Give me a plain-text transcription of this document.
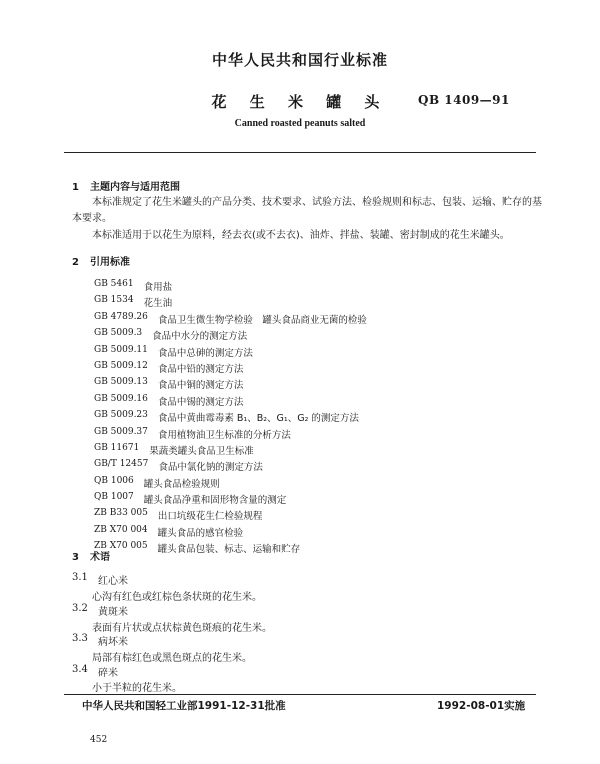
中华人民共和国行业标准
花 生 米 罐 头	QB 1409—91
Canned roasted peanuts salted
1 主题内容与适用范围
本标准规定了花生米罐头的产品分类、技术要求、试验方法、检验规则和标志、包装、运输、贮存的基
本要求。
本标准适用于以花生为原料，经去衣(或不去衣)、油炸、拌盐、装罐、密封制成的花生米罐头。
2 引用标准
GB 5461 食用盐
GB 1534 花生油
GB 4789.26 食品卫生微生物学检验　罐头食品商业无菌的检验
GB 5009.3 食品中水分的测定方法
GB 5009.11 食品中总砷的测定方法
GB 5009.12 食品中铅的测定方法
GB 5009.13 食品中铜的测定方法
GB 5009.16 食品中锡的测定方法
GB 5009.23 食品中黄曲霉毒素 B₁、B₂、G₁、G₂ 的测定方法
GB 5009.37 食用植物油卫生标准的分析方法
GB 11671 果蔬类罐头食品卫生标准
GB/T 12457 食品中氯化钠的测定方法
QB 1006 罐头食品检验规则
QB 1007 罐头食品净重和固形物含量的测定
ZB B33 005 出口坑级花生仁检验规程
ZB X70 004 罐头食品的感官检验
ZB X70 005 罐头食品包装、标志、运输和贮存
3 术语
3.1 红心米
心沟有红色或红棕色条状斑的花生米。
3.2 黄斑米
表面有片状或点状棕黄色斑痕的花生米。
3.3 病坏米
局部有棕红色或黑色斑点的花生米。
3.4 碎米
小于半粒的花生米。
中华人民共和国轻工业部1991-12-31批准	1992-08-01实施
452
